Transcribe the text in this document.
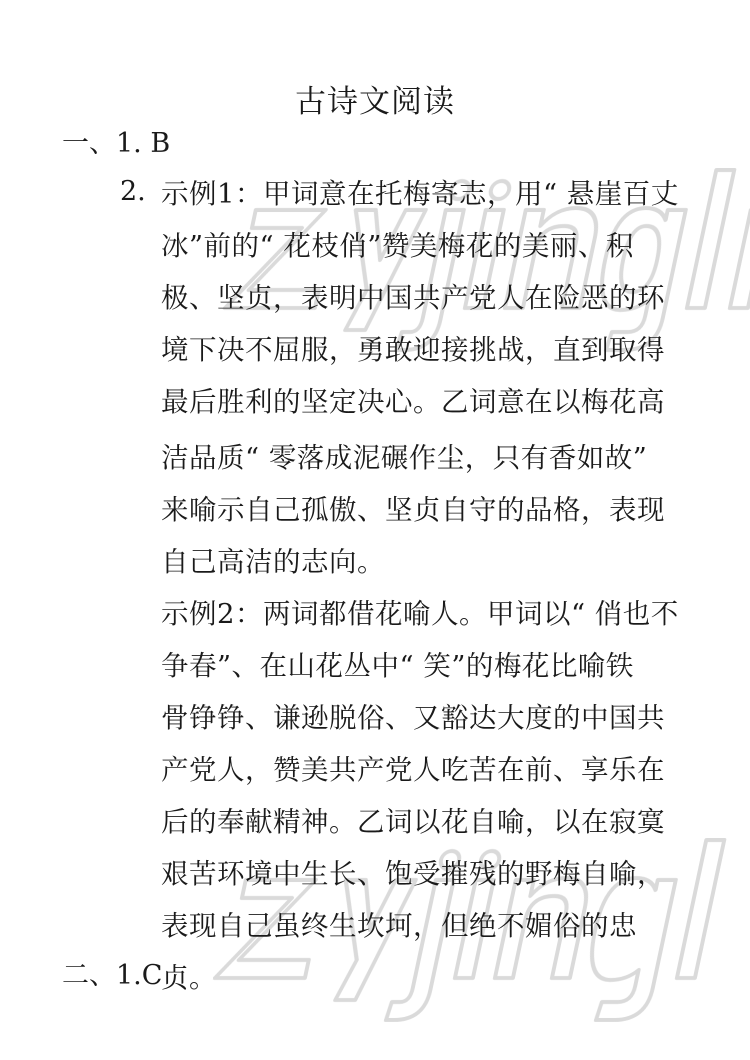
古诗文阅读
一、1. B
2. 示例1：甲词意在托梅寄志，用“ 悬崖百丈
冰”前的“ 花枝俏”赞美梅花的美丽、积
极、坚贞，表明中国共产党人在险恶的环
境下决不屈服，勇敢迎接挑战，直到取得
最后胜利的坚定决心。乙词意在以梅花高
洁品质“ 零落成泥碾作尘，只有香如故”
来喻示自己孤傲、坚贞自守的品格，表现
自己高洁的志向。
示例2：两词都借花喻人。甲词以“ 俏也不
争春”、在山花丛中“ 笑”的梅花比喻铁
骨铮铮、谦逊脱俗、又豁达大度的中国共
产党人，赞美共产党人吃苦在前、享乐在
后的奉献精神。乙词以花自喻，以在寂寞
艰苦环境中生长、饱受摧残的野梅自喻，
表现自己虽终生坎坷，但绝不媚俗的忠
贞。
二、1.C
